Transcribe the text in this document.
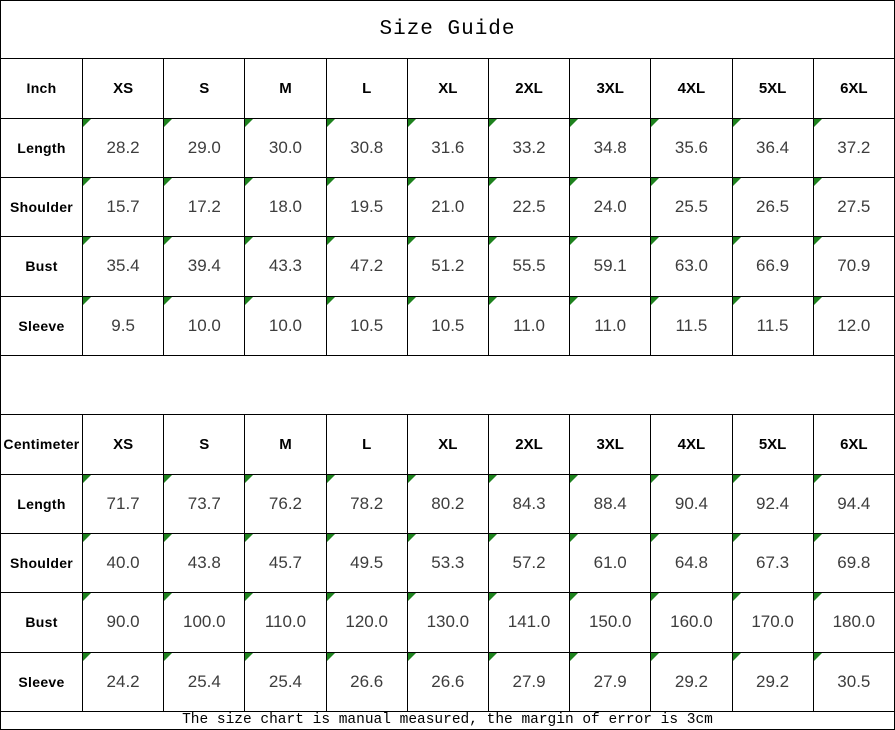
Size Guide										
Inch	XS	S	M	L	XL	2XL	3XL	4XL	5XL	6XL
Length	28.2	29.0	30.0	30.8	31.6	33.2	34.8	35.6	36.4	37.2
Shoulder	15.7	17.2	18.0	19.5	21.0	22.5	24.0	25.5	26.5	27.5
Bust	35.4	39.4	43.3	47.2	51.2	55.5	59.1	63.0	66.9	70.9
Sleeve	9.5	10.0	10.0	10.5	10.5	11.0	11.0	11.5	11.5	12.0

Centimeter	XS	S	M	L	XL	2XL	3XL	4XL	5XL	6XL
Length	71.7	73.7	76.2	78.2	80.2	84.3	88.4	90.4	92.4	94.4
Shoulder	40.0	43.8	45.7	49.5	53.3	57.2	61.0	64.8	67.3	69.8
Bust	90.0	100.0	110.0	120.0	130.0	141.0	150.0	160.0	170.0	180.0
Sleeve	24.2	25.4	25.4	26.6	26.6	27.9	27.9	29.2	29.2	30.5
The size chart is manual measured, the margin of error is 3cm										
